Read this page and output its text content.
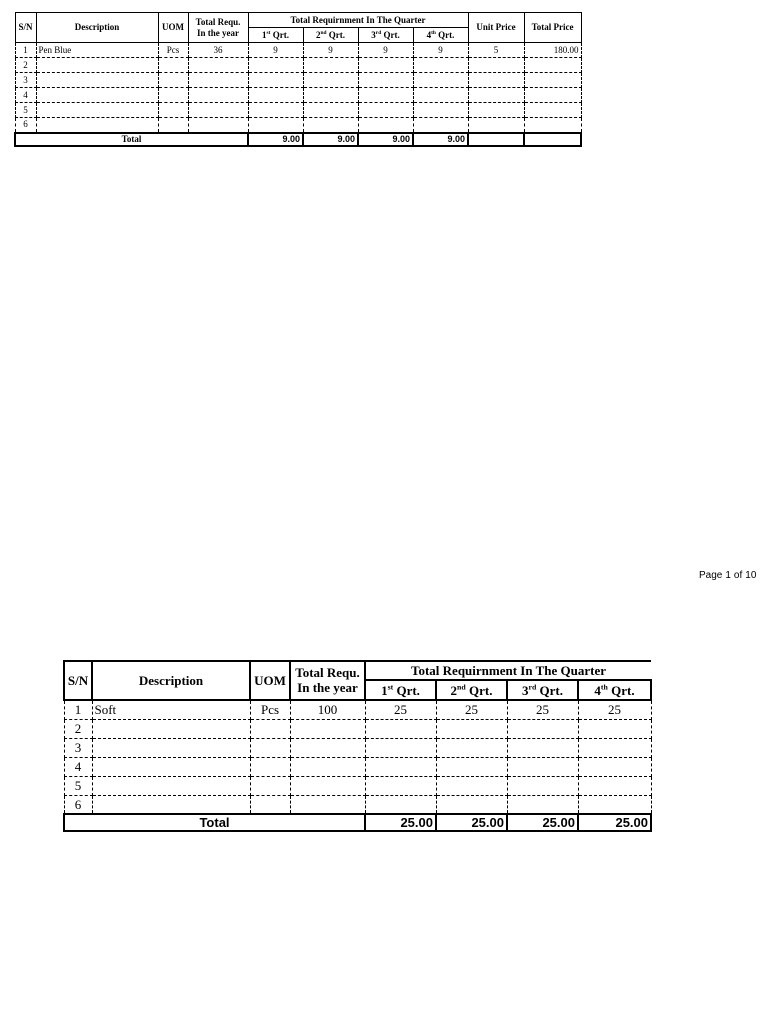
S/N	Description	UOM	Total Requ.
In the year	Total Requirnment In The Quarter				Unit Price	Total Price
				1st Qrt.	2nd Qrt.	3rd Qrt.	4th Qrt.		
1	Pen Blue	Pcs	36	9	9	9	9	5	180.00
2									
3									
4									
5									
6									
Total				9.00	9.00	9.00	9.00		
Page 1 of 10
S/N	Description	UOM	Total Requ.
In the year	Total Requirnment In The Quarter			
				1st Qrt.	2nd Qrt.	3rd Qrt.	4th Qrt.
1	Soft	Pcs	100	25	25	25	25
2							
3							
4							
5							
6							
Total				25.00	25.00	25.00	25.00
